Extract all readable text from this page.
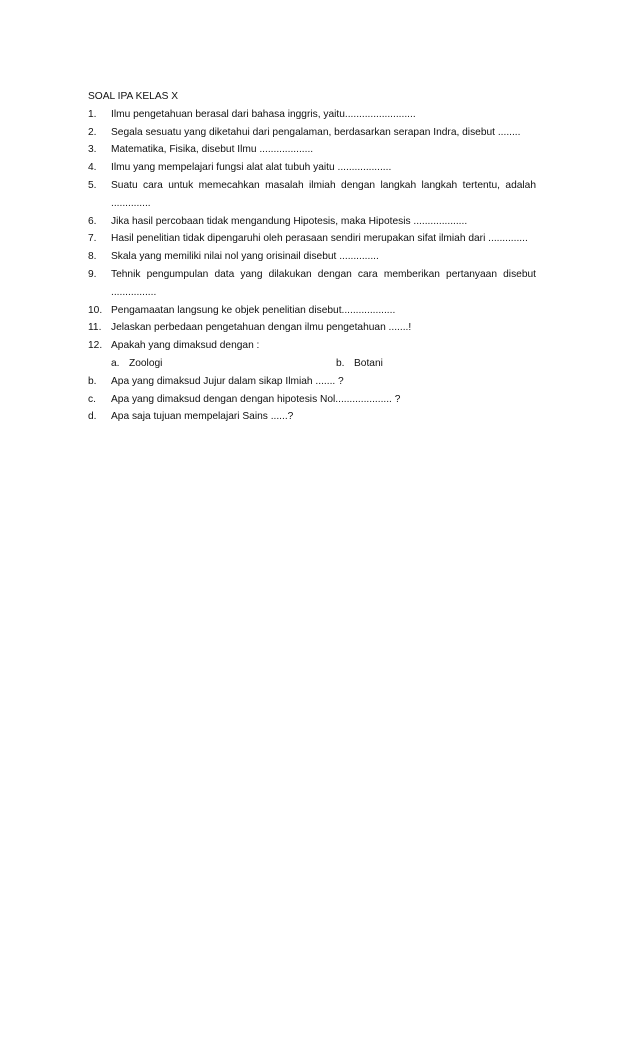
SOAL IPA KELAS X
1.	Ilmu pengetahuan berasal dari bahasa inggris, yaitu.........................
2.	Segala sesuatu yang diketahui dari pengalaman, berdasarkan serapan Indra, disebut ........
3.	Matematika, Fisika, disebut Ilmu ...................
4.	Ilmu yang mempelajari fungsi alat alat tubuh yaitu ...................
5.	Suatu cara untuk memecahkan masalah ilmiah dengan langkah langkah tertentu, adalah ..............
6.	Jika hasil percobaan tidak mengandung Hipotesis, maka Hipotesis ...................
7.	Hasil penelitian tidak dipengaruhi oleh perasaan sendiri merupakan sifat ilmiah dari ..............
8.	Skala yang memiliki nilai nol yang orisinail disebut ..............
9.	Tehnik pengumpulan data yang dilakukan dengan cara memberikan pertanyaan disebut ................
10. Pengamaatan langsung ke objek penelitian disebut...................
11. Jelaskan perbedaan pengetahuan dengan ilmu pengetahuan .......!
12. Apakah yang dimaksud dengan :
a. Zoologi	b. Botani
b.	Apa yang dimaksud Jujur dalam sikap Ilmiah ....... ?
c.	Apa yang dimaksud dengan dengan hipotesis Nol.................... ?
d.	Apa saja tujuan mempelajari Sains ......?
